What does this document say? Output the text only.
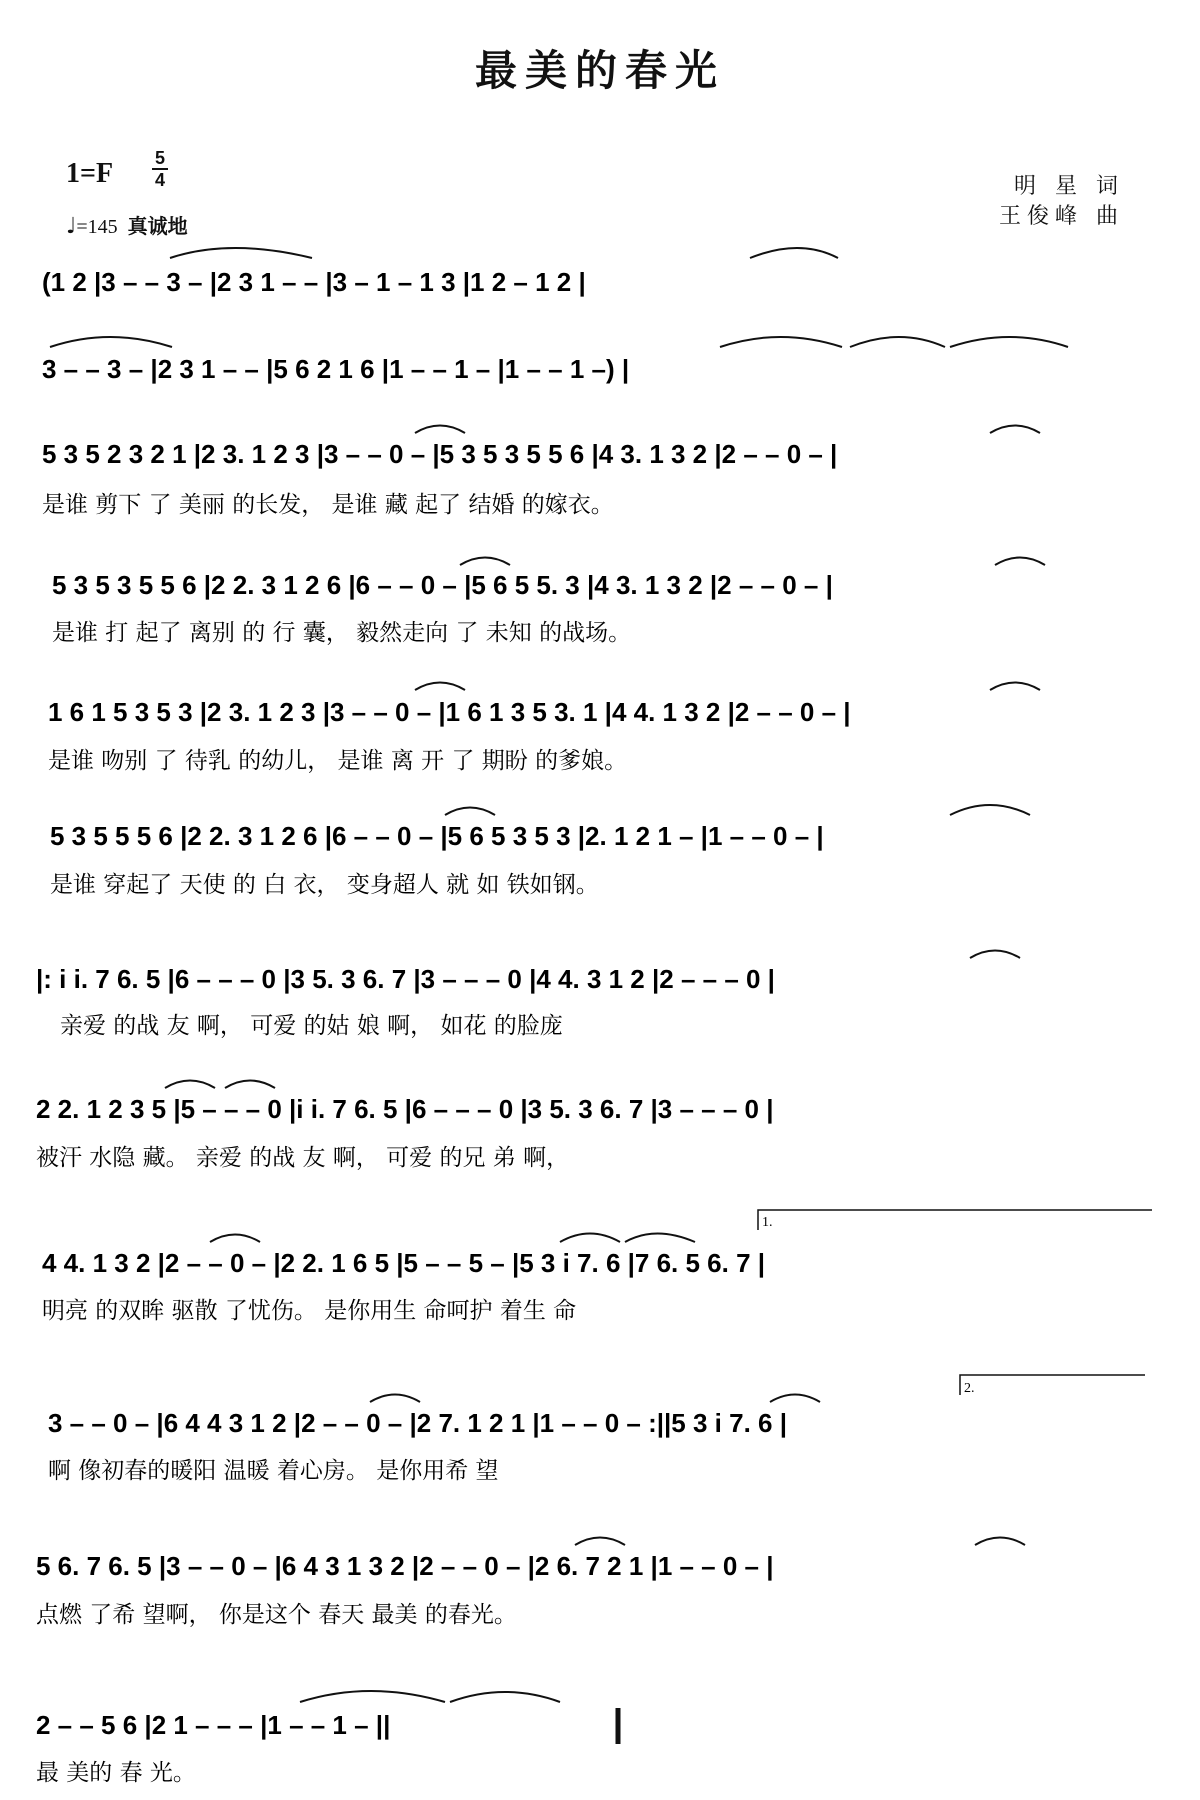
最美的春光
1=F 5
4
♩=145 真诚地
明 星 词
王俊峰 曲
(1 2 |3 – – 3 – |2 3 1 – – |3 – 1 – 1 3 |1 2 – 1 2 |
3 – – 3 – |2 3 1 – – |5 6 2 1 6 |1 – – 1 – |1 – – 1 –) |
5 3 5 2 3 2 1 |2 3. 1 2 3 |3 – – 0 – |5 3 5 3 5 5 6 |4 3. 1 3 2 |2 – – 0 – |
是谁 剪下 了 美丽 的长发， 是谁 藏 起了 结婚 的嫁衣。
5 3 5 3 5 5 6 |2 2. 3 1 2 6 |6 – – 0 – |5 6 5 5. 3 |4 3. 1 3 2 |2 – – 0 – |
是谁 打 起了 离别 的 行 囊， 毅然走向 了 未知 的战场。
1 6 1 5 3 5 3 |2 3. 1 2 3 |3 – – 0 – |1 6 1 3 5 3. 1 |4 4. 1 3 2 |2 – – 0 – |
是谁 吻别 了 待乳 的幼儿， 是谁 离 开 了 期盼 的爹娘。
5 3 5 5 5 6 |2 2. 3 1 2 6 |6 – – 0 – |5 6 5 3 5 3 |2. 1 2 1 – |1 – – 0 – |
是谁 穿起了 天使 的 白 衣， 变身超人 就 如 铁如钢。
|: i i. 7 6. 5 |6 – – – 0 |3 5. 3 6. 7 |3 – – – 0 |4 4. 3 1 2 |2 – – – 0 |
亲爱 的战 友 啊， 可爱 的姑 娘 啊， 如花 的脸庞
2 2. 1 2 3 5 |5 – – – 0 |i i. 7 6. 5 |6 – – – 0 |3 5. 3 6. 7 |3 – – – 0 |
被汗 水隐 藏。 亲爱 的战 友 啊， 可爱 的兄 弟 啊，
1.
4 4. 1 3 2 |2 – – 0 – |2 2. 1 6 5 |5 – – 5 – |5 3 i 7. 6 |7 6. 5 6. 7 |
明亮 的双眸 驱散 了忧伤。 是你用生 命呵护 着生 命
2.
3 – – 0 – |6 4 4 3 1 2 |2 – – 0 – |2 7. 1 2 1 |1 – – 0 – :||5 3 i 7. 6 |
啊 像初春的暖阳 温暖 着心房。 是你用希 望
5 6. 7 6. 5 |3 – – 0 – |6 4 3 1 3 2 |2 – – 0 – |2 6. 7 2 1 |1 – – 0 – |
点燃 了希 望啊， 你是这个 春天 最美 的春光。
2 – – 5 6 |2 1 – – – |1 – – 1 – ||
最 美的 春 光。
